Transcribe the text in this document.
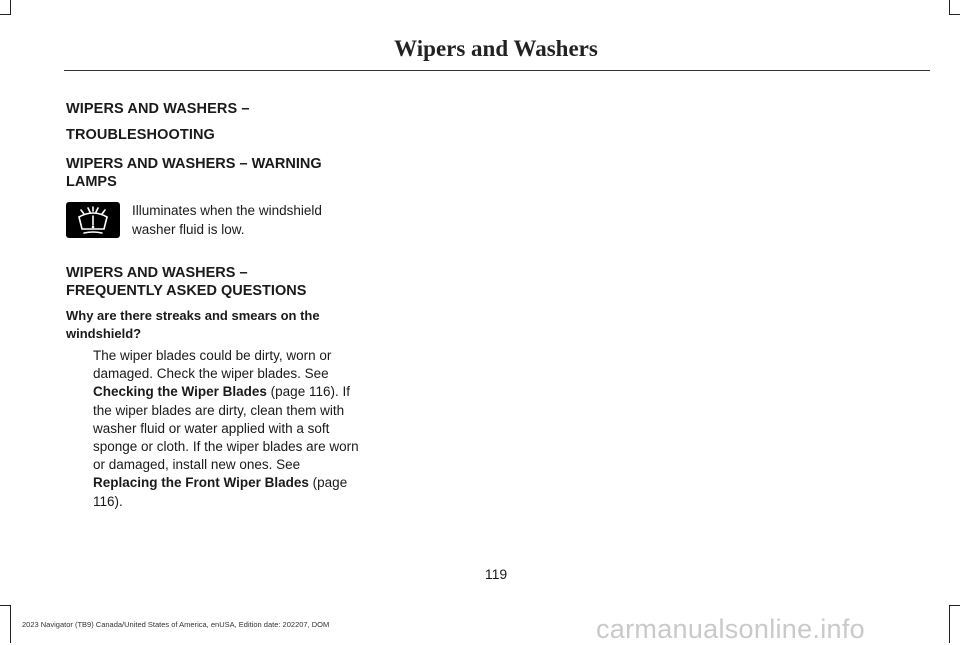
Wipers and Washers
WIPERS AND WASHERS –
TROUBLESHOOTING
WIPERS AND WASHERS – WARNING LAMPS
Illuminates when the windshield washer fluid is low.
WIPERS AND WASHERS –
FREQUENTLY ASKED QUESTIONS
Why are there streaks and smears on the windshield?
The wiper blades could be dirty, worn or damaged. Check the wiper blades. See Checking the Wiper Blades (page 116). If the wiper blades are dirty, clean them with washer fluid or water applied with a soft sponge or cloth. If the wiper blades are worn or damaged, install new ones. See Replacing the Front Wiper Blades (page 116).
119
2023 Navigator (TB9) Canada/United States of America, enUSA, Edition date: 202207, DOM	carmanualsonline.info
